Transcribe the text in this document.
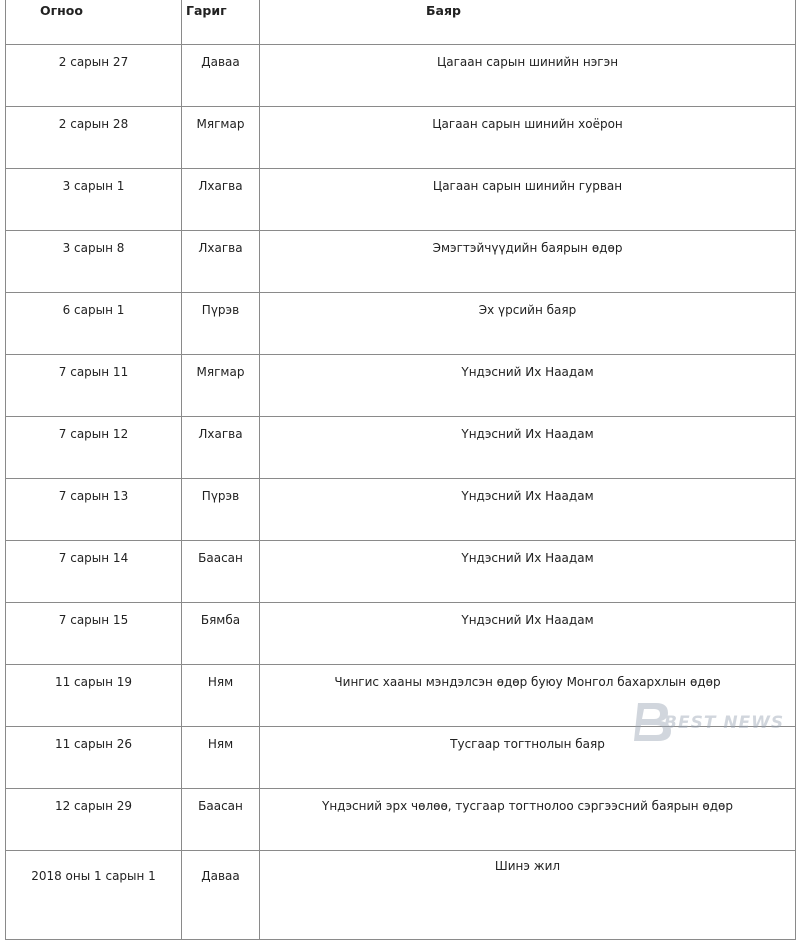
Огноо	Гариг	Баяр
2 сарын 27	Даваа	Цагаан сарын шинийн нэгэн
2 сарын 28	Мягмар	Цагаан сарын шинийн хоёрон
3 сарын 1	Лхагва	Цагаан сарын шинийн гурван
3 сарын 8	Лхагва	Эмэгтэйчүүдийн баярын өдөр
6 сарын 1	Пүрэв	Эх үрсийн баяр
7 сарын 11	Мягмар	Үндэсний Их Наадам
7 сарын 12	Лхагва	Үндэсний Их Наадам
7 сарын 13	Пүрэв	Үндэсний Их Наадам
7 сарын 14	Баасан	Үндэсний Их Наадам
7 сарын 15	Бямба	Үндэсний Их Наадам
11 сарын 19	Ням	Чингис хааны мэндэлсэн өдөр буюу Монгол бахархлын өдөр
11 сарын 26	Ням	Тусгаар тогтнолын баяр
12 сарын 29	Баасан	Үндэсний эрх чөлөө, тусгаар тогтнолоо сэргээсний баярын өдөр
2018 оны 1 сарын 1	Даваа	Шинэ жил
BEST NEWS
